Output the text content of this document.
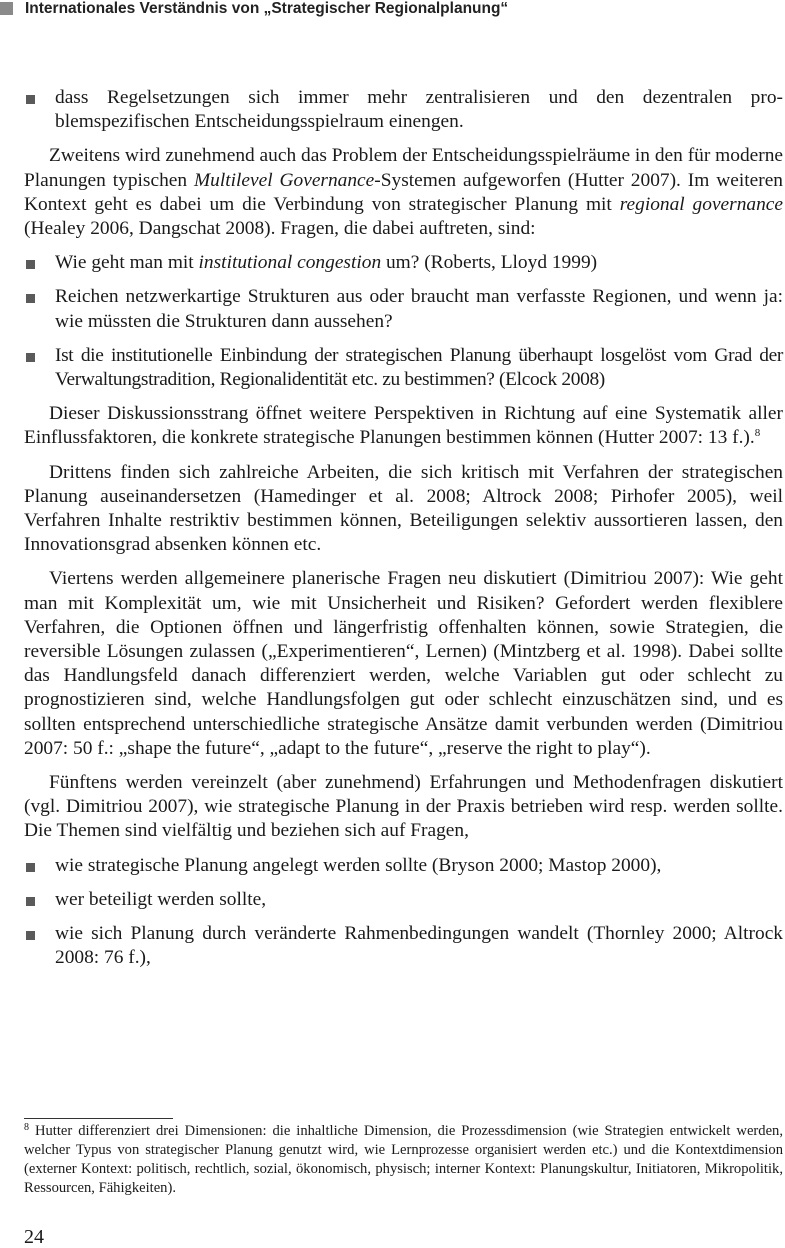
Internationales Verständnis von „Strategischer Regionalplanung“
dass Regelsetzungen sich immer mehr zentralisieren und den dezentralen problemspezifischen Entscheidungsspielraum einengen.

Zweitens wird zunehmend auch das Problem der Entscheidungsspielräume in den für moderne Planungen typischen Multilevel Governance-Systemen aufgeworfen (Hutter 2007). Im weiteren Kontext geht es dabei um die Verbindung von strategischer Planung mit regional governance (Healey 2006, Dangschat 2008). Fragen, die dabei auftreten, sind:

Wie geht man mit institutional congestion um? (Roberts, Lloyd 1999)
Reichen netzwerkartige Strukturen aus oder braucht man verfasste Regionen, und wenn ja: wie müssten die Strukturen dann aussehen?
Ist die institutionelle Einbindung der strategischen Planung überhaupt losgelöst vom Grad der Verwaltungstradition, Regionalidentität etc. zu bestimmen? (Elcock 2008)

Dieser Diskussionsstrang öffnet weitere Perspektiven in Richtung auf eine Systematik aller Einflussfaktoren, die konkrete strategische Planungen bestimmen können (Hutter 2007: 13 f.).$^8$

Drittens finden sich zahlreiche Arbeiten, die sich kritisch mit Verfahren der strategischen Planung auseinandersetzen (Hamedinger et al. 2008; Altrock 2008; Pirhofer 2005), weil Verfahren Inhalte restriktiv bestimmen können, Beteiligungen selektiv aussortieren lassen, den Innovationsgrad absenken können etc.

Viertens werden allgemeinere planerische Fragen neu diskutiert (Dimitriou 2007): Wie geht man mit Komplexität um, wie mit Unsicherheit und Risiken? Gefordert werden flexiblere Verfahren, die Optionen öffnen und längerfristig offenhalten können, sowie Strategien, die reversible Lösungen zulassen („Experimentieren“, Lernen) (Mintzberg et al. 1998). Dabei sollte das Handlungsfeld danach differenziert werden, welche Variablen gut oder schlecht zu prognostizieren sind, welche Handlungsfolgen gut oder schlecht einzuschätzen sind, und es sollten entsprechend unterschiedliche strategische Ansätze damit verbunden werden (Dimitriou 2007: 50 f.: „shape the future“, „adapt to the future“, „reserve the right to play“).

Fünftens werden vereinzelt (aber zunehmend) Erfahrungen und Methodenfragen diskutiert (vgl. Dimitriou 2007), wie strategische Planung in der Praxis betrieben wird resp. werden sollte. Die Themen sind vielfältig und beziehen sich auf Fragen,

wie strategische Planung angelegt werden sollte (Bryson 2000; Mastop 2000),
wer beteiligt werden sollte,
wie sich Planung durch veränderte Rahmenbedingungen wandelt (Thornley 2000; Altrock 2008: 76 f.),

$^8$ Hutter differenziert drei Dimensionen: die inhaltliche Dimension, die Prozessdimension (wie Strategien entwickelt werden, welcher Typus von strategischer Planung genutzt wird, wie Lernprozesse organisiert werden etc.) und die Kontextdimension (externer Kontext: politisch, rechtlich, sozial, ökonomisch, physisch; interner Kontext: Planungskultur, Initiatoren, Mikropolitik, Ressourcen, Fähigkeiten).

24
